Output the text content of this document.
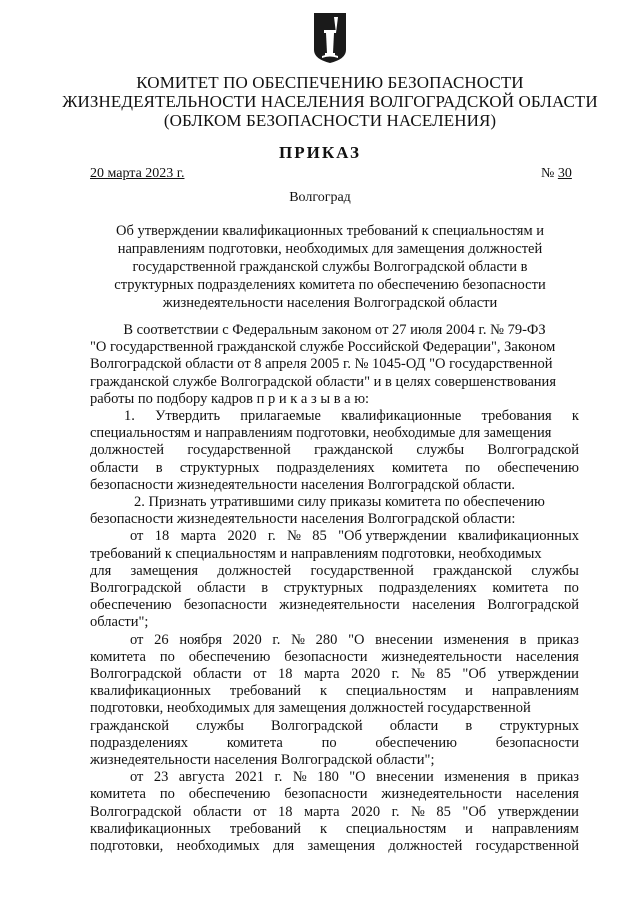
КОМИТЕТ ПО ОБЕСПЕЧЕНИЮ БЕЗОПАСНОСТИ
ЖИЗНЕДЕЯТЕЛЬНОСТИ НАСЕЛЕНИЯ ВОЛГОГРАДСКОЙ ОБЛАСТИ
(ОБЛКОМ БЕЗОПАСНОСТИ НАСЕЛЕНИЯ)
ПРИКАЗ
20 марта 2023 г.	№ 30
Волгоград
Об утверждении квалификационных требований к специальностям и
направлениям подготовки, необходимых для замещения должностей
государственной гражданской службы Волгоградской области в
структурных подразделениях комитета по обеспечению безопасности
жизнедеятельности населения Волгоградской области
В соответствии с Федеральным законом от 27 июля 2004 г. № 79-ФЗ
"О государственной гражданской службе Российской Федерации", Законом
Волгоградской области от 8 апреля 2005 г. № 1045-ОД "О государственной
гражданской службе Волгоградской области" и в целях совершенствования
работы по подбору кадров п р и к а з ы в а ю:
1. Утвердить прилагаемые квалификационные требования к
специальностям и направлениям подготовки, необходимые для замещения
должностей государственной гражданской службы Волгоградской
области в структурных подразделениях комитета по обеспечению
безопасности жизнедеятельности населения Волгоградской области.
2. Признать утратившими силу приказы комитета по обеспечению
безопасности жизнедеятельности населения Волгоградской области:
от 18 марта 2020 г. № 85 "Об утверждении квалификационных
требований к специальностям и направлениям подготовки, необходимых
для замещения должностей государственной гражданской службы
Волгоградской области в структурных подразделениях комитета по
обеспечению безопасности жизнедеятельности населения Волгоградской
области";
от 26 ноября 2020 г. № 280 "О внесении изменения в приказ
комитета по обеспечению безопасности жизнедеятельности населения
Волгоградской области от 18 марта 2020 г. № 85 "Об утверждении
квалификационных требований к специальностям и направлениям
подготовки, необходимых для замещения должностей государственной
гражданской службы Волгоградской области в структурных
подразделениях	комитета	по	обеспечению	безопасности
жизнедеятельности населения Волгоградской области";
от 23 августа 2021 г. № 180 "О внесении изменения в приказ
комитета по обеспечению безопасности жизнедеятельности населения
Волгоградской области от 18 марта 2020 г. № 85 "Об утверждении
квалификационных требований к специальностям и направлениям
подготовки, необходимых для замещения должностей государственной
